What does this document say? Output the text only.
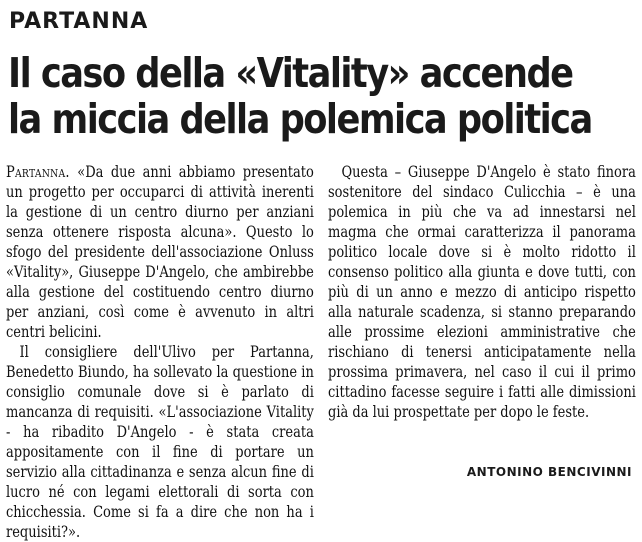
PARTANNA
Il caso della «Vitality» accende
la miccia della polemica politica

Partanna. «Da due anni abbiamo presentato un progetto per occuparci di attività inerenti la gestione di un centro diurno per anziani senza ottenere risposta alcuna». Questo lo sfogo del presidente dell'associazione Onluss «Vitality», Giuseppe D'Angelo, che ambirebbe alla gestione del costituendo centro diurno per anziani, così come è avvenuto in altri centri belicini.

Il consigliere dell'Ulivo per Partanna, Benedetto Biundo, ha sollevato la questione in consiglio comunale dove si è parlato di mancanza di requisiti. «L'associazione Vitality - ha ribadito D'Angelo - è stata creata appositamente con il fine di portare un servizio alla cittadinanza e senza alcun fine di lucro né con legami elettorali di sorta con chicchessia. Come si fa a dire che non ha i requisiti?».

Questa – Giuseppe D'Angelo è stato finora sostenitore del sindaco Culicchia – è una polemica in più che va ad innestarsi nel magma che ormai caratterizza il panorama politico locale dove si è molto ridotto il consenso politico alla giunta e dove tutti, con più di un anno e mezzo di anticipo rispetto alla naturale scadenza, si stanno preparando alle prossime elezioni amministrative che rischiano di tenersi anticipatamente nella prossima primavera, nel caso il cui il primo cittadino facesse seguire i fatti alle dimissioni già da lui prospettate per dopo le feste.

ANTONINO BENCIVINNI
